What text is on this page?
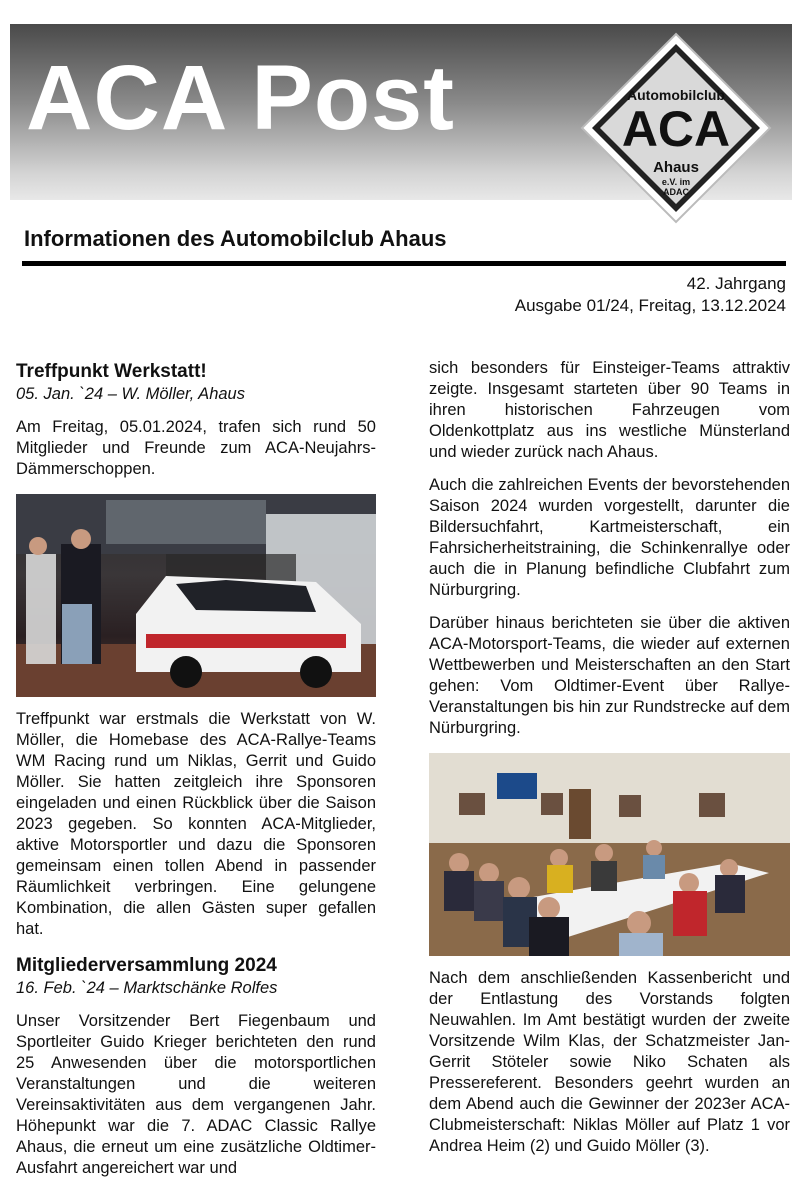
ACA Post	Automobilclub
ACA
Ahaus
e.V. im
ADAC
Informationen des Automobilclub Ahaus
42. Jahrgang
Ausgabe 01/24, Freitag, 13.12.2024
Treffpunkt Werkstatt!
05. Jan. `24 – W. Möller, Ahaus

Am Freitag, 05.01.2024, trafen sich rund 50 Mitglieder und Freunde zum ACA-Neujahrs-Dämmerschoppen.

Treffpunkt war erstmals die Werkstatt von W. Möller, die Homebase des ACA-Rallye-Teams WM Racing rund um Niklas, Gerrit und Guido Möller. Sie hatten zeitgleich ihre Sponsoren eingeladen und einen Rückblick über die Saison 2023 gegeben. So konnten ACA-Mitglieder, aktive Motorsportler und dazu die Sponsoren gemeinsam einen tollen Abend in passender Räumlichkeit verbringen. Eine gelungene Kombination, die allen Gästen super gefallen hat.

Mitgliederversammlung 2024
16. Feb. `24 – Marktschänke Rolfes

Unser Vorsitzender Bert Fiegenbaum und Sportleiter Guido Krieger berichteten den rund 25 Anwesenden über die motorsportlichen Veranstaltungen und die weiteren Vereinsaktivitäten aus dem vergangenen Jahr. Höhepunkt war die 7. ADAC Classic Rallye Ahaus, die erneut um eine zusätzliche Oldtimer-Ausfahrt angereichert war und

sich besonders für Einsteiger-Teams attraktiv zeigte. Insgesamt starteten über 90 Teams in ihren historischen Fahrzeugen vom Oldenkottplatz aus ins westliche Münsterland und wieder zurück nach Ahaus.

Auch die zahlreichen Events der bevorstehenden Saison 2024 wurden vorgestellt, darunter die Bildersuchfahrt, Kartmeisterschaft, ein Fahrsicherheitstraining, die Schinkenrallye oder auch die in Planung befindliche Clubfahrt zum Nürburgring.

Darüber hinaus berichteten sie über die aktiven ACA-Motorsport-Teams, die wieder auf externen Wettbewerben und Meisterschaften an den Start gehen: Vom Oldtimer-Event über Rallye-Veranstaltungen bis hin zur Rundstrecke auf dem Nürburgring.

Nach dem anschließenden Kassenbericht und der Entlastung des Vorstands folgten Neuwahlen. Im Amt bestätigt wurden der zweite Vorsitzende Wilm Klas, der Schatzmeister Jan-Gerrit Stöteler sowie Niko Schaten als Pressereferent. Besonders geehrt wurden an dem Abend auch die Gewinner der 2023er ACA-Clubmeisterschaft: Niklas Möller auf Platz 1 vor Andrea Heim (2) und Guido Möller (3).
